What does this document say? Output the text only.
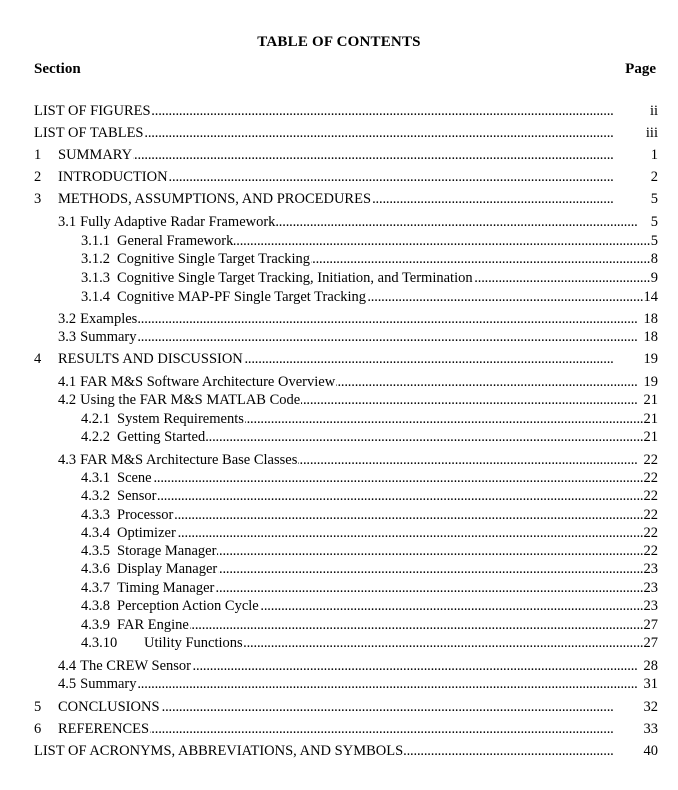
TABLE OF CONTENTS
Section	Page
. . .
LIST OF FIGURES	ii
. . .
LIST OF TABLES	iii
. . .
1 SUMMARY	1
. . .
2 INTRODUCTION	2
. . .
3 METHODS, ASSUMPTIONS, AND PROCEDURES	5
. . .
3.1 Fully Adaptive Radar Framework	5
. . .
3.1.1 General Framework	5
. . .
3.1.2 Cognitive Single Target Tracking	8
. . .
3.1.3 Cognitive Single Target Tracking, Initiation, and Termination	9
. . .
3.1.4 Cognitive MAP-PF Single Target Tracking	14
. . .
3.2 Examples	18
. . .
3.3 Summary	18
. . .
4 RESULTS AND DISCUSSION	19
. . .
4.1 FAR M&S Software Architecture Overview	19
. . .
4.2 Using the FAR M&S MATLAB Code	21
. . .
4.2.1 System Requirements	21
. . .
4.2.2 Getting Started	21
. . .
4.3 FAR M&S Architecture Base Classes	22
. . .
4.3.1 Scene	22
. . .
4.3.2 Sensor	22
. . .
4.3.3 Processor	22
. . .
4.3.4 Optimizer	22
. . .
4.3.5 Storage Manager	22
. . .
4.3.6 Display Manager	23
. . .
4.3.7 Timing Manager	23
. . .
4.3.8 Perception Action Cycle	23
. . .
4.3.9 FAR Engine	27
. . .
4.3.10 Utility Functions	27
. . .
4.4 The CREW Sensor	28
. . .
4.5 Summary	31
. . .
5 CONCLUSIONS	32
. . .
6 REFERENCES	33
. . .
LIST OF ACRONYMS, ABBREVIATIONS, AND SYMBOLS	40
